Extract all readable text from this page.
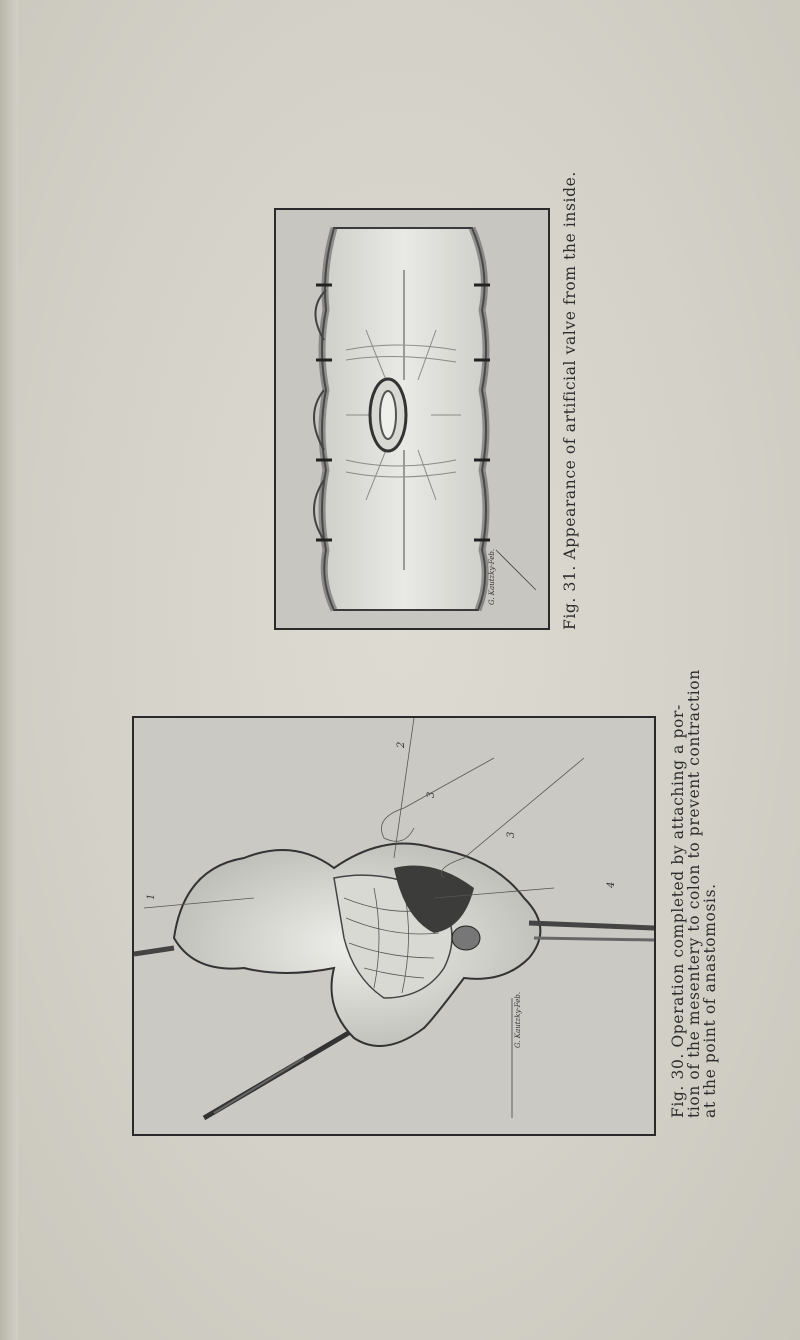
G. Kautzky-Feb.
1
2
3
3
4
G. Kautzky-Feb.
Fig. 31. Appearance of artificial valve from the inside.
Fig. 30. Operation completed by attaching a por-
tion of the mesentery to colon to prevent contraction
at the point of anastomosis.
